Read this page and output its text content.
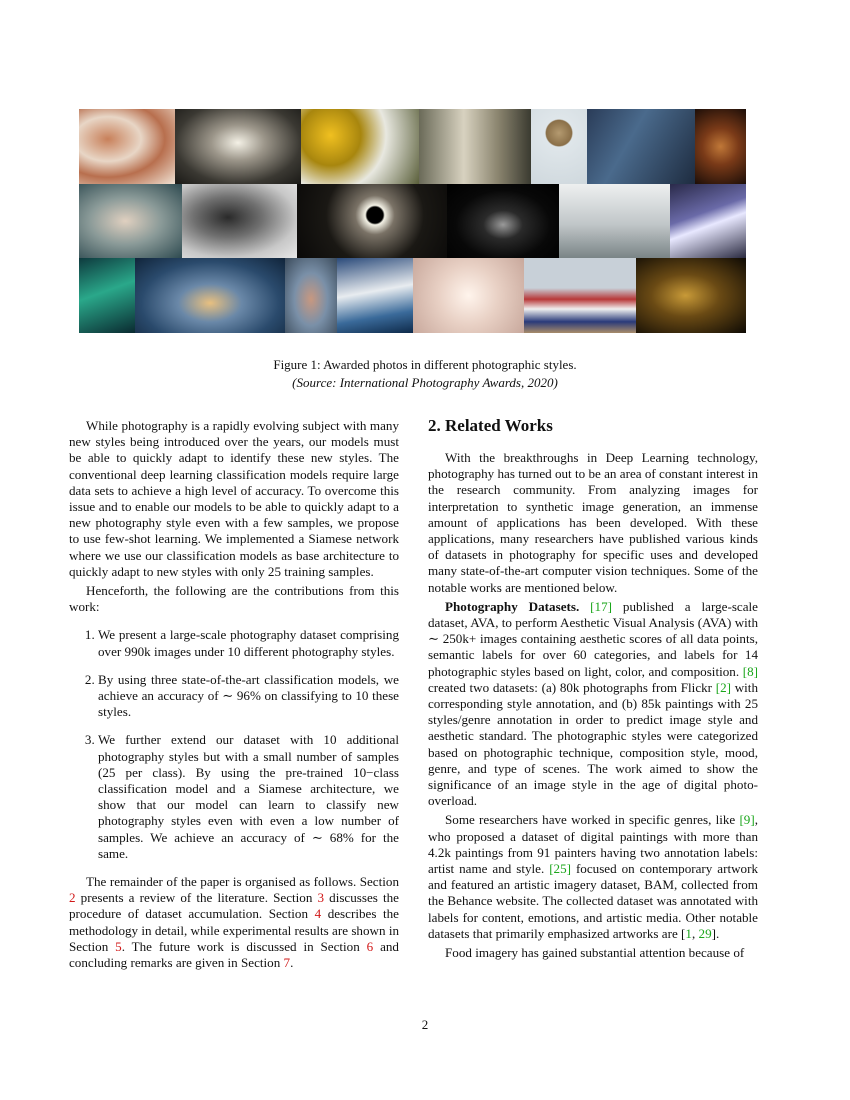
Figure 1: Awarded photos in different photographic styles.
(Source: International Photography Awards, 2020)

While photography is a rapidly evolving subject with many new styles being introduced over the years, our models must be able to quickly adapt to identify these new styles. The conventional deep learning classification models require large data sets to achieve a high level of accuracy. To overcome this issue and to enable our models to be able to quickly adapt to a new photography style even with a few samples, we propose to use few-shot learning. We implemented a Siamese network where we use our classification models as base architecture to quickly adapt to new styles with only 25 training samples.

Henceforth, the following are the contributions from this work:

1. We present a large-scale photography dataset comprising over 990k images under 10 different photography styles.
2. By using three state-of-the-art classification models, we achieve an accuracy of ∼ 96% on classifying to 10 these styles.
3. We further extend our dataset with 10 additional photography styles but with a small number of samples (25 per class). By using the pre-trained 10−class classification model and a Siamese architecture, we show that our model can learn to classify new photography styles even with even a low number of samples. We achieve an accuracy of ∼ 68% for the same.

The remainder of the paper is organised as follows. Section 2 presents a review of the literature. Section 3 discusses the procedure of dataset accumulation. Section 4 describes the methodology in detail, while experimental results are shown in Section 5. The future work is discussed in Section 6 and concluding remarks are given in Section 7.

2. Related Works

With the breakthroughs in Deep Learning technology, photography has turned out to be an area of constant interest in the research community. From analyzing images for interpretation to synthetic image generation, an immense amount of applications has been developed. With these applications, many researchers have published various kinds of datasets in photography for specific uses and developed many state-of-the-art computer vision techniques. Some of the notable works are mentioned below.

Photography Datasets. [17] published a large-scale dataset, AVA, to perform Aesthetic Visual Analysis (AVA) with ∼ 250k+ images containing aesthetic scores of all data points, semantic labels for over 60 categories, and labels for 14 photographic styles based on light, color, and composition. [8] created two datasets: (a) 80k photographs from Flickr [2] with corresponding style annotation, and (b) 85k paintings with 25 styles/genre annotation in order to predict image style and aesthetic standard. The photographic styles were categorized based on photographic technique, composition style, mood, genre, and type of scenes. The work aimed to show the significance of an image style in the age of digital photo-overload.

Some researchers have worked in specific genres, like [9], who proposed a dataset of digital paintings with more than 4.2k paintings from 91 painters having two annotation labels: artist name and style. [25] focused on contemporary artwork and featured an artistic imagery dataset, BAM, collected from the Behance website. The collected dataset was annotated with labels for content, emotions, and artistic media. Other notable datasets that primarily emphasized artworks are [1, 29].

Food imagery has gained substantial attention because of

2
